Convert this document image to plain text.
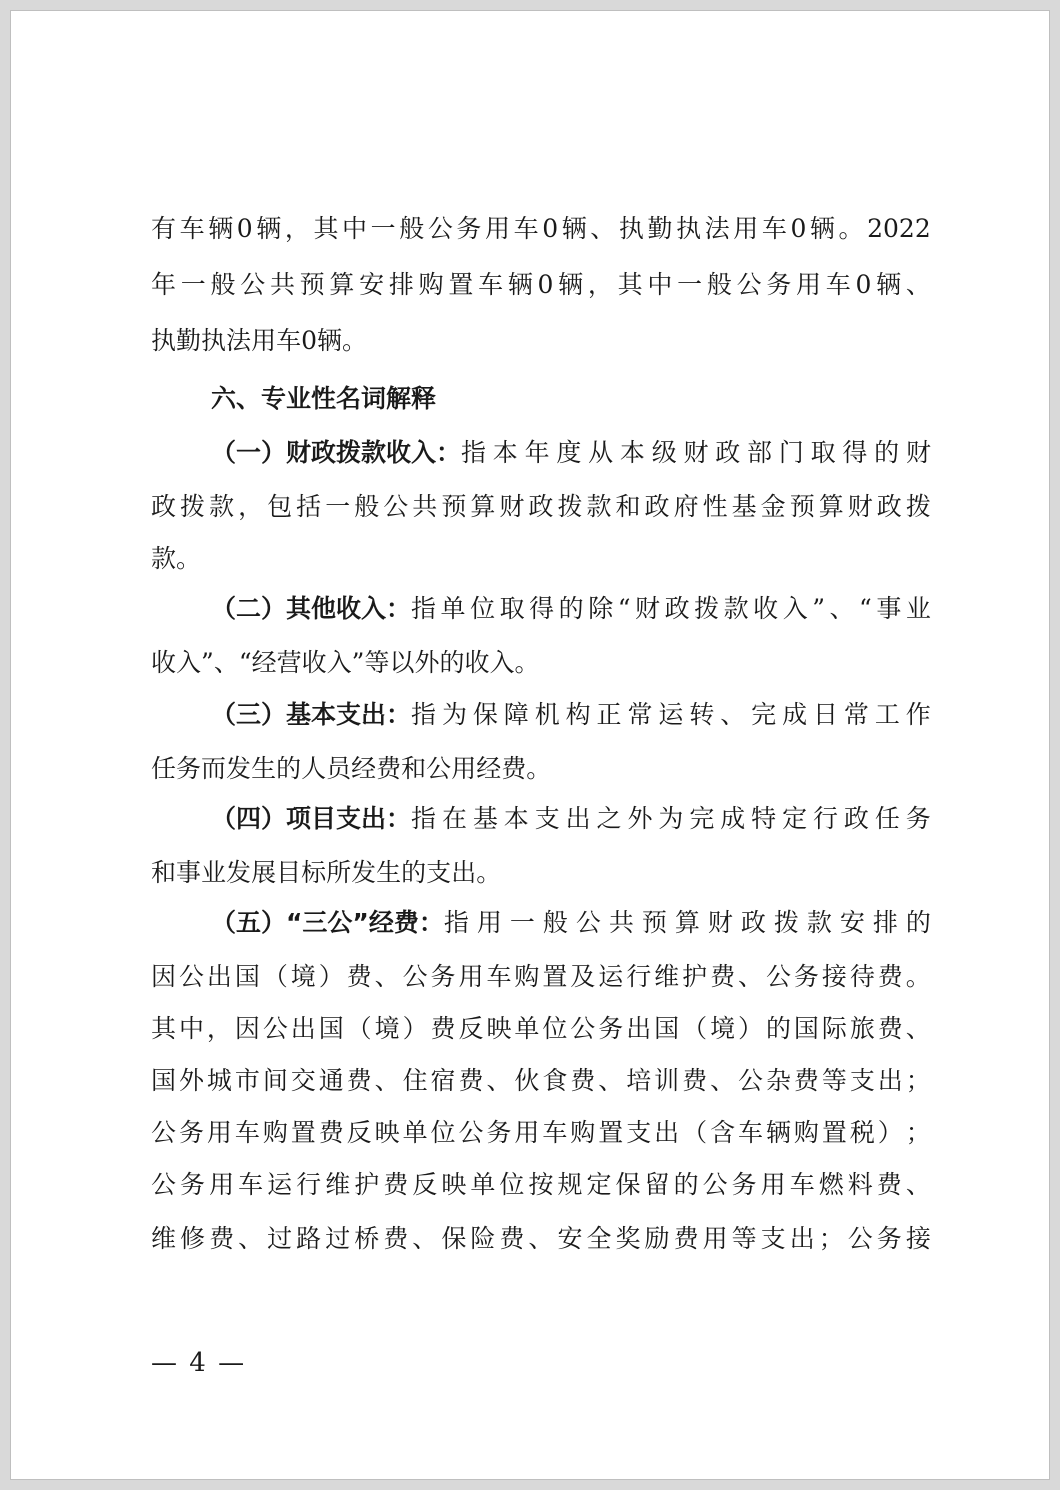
有 车 辆 0 辆 ， 其 中 一 般 公 务 用 车 0 辆 、 执 勤 执 法 用 车 0 辆 。 2022
年 一 般 公 共 预 算 安 排 购 置 车 辆 0 辆 ， 其 中 一 般 公 务 用 车 0 辆 、
执 勤 执 法 用 车 0 辆 。
六、专业性名词解释
（一）财政拨款收入： 指 本 年 度 从 本 级 财 政 部 门 取 得 的 财
政 拨 款 ， 包 括 一 般 公 共 预 算 财 政 拨 款 和 政 府 性 基 金 预 算 财 政 拨
款 。
（二）其他收入： 指 单 位 取 得 的 除 “ 财 政 拨 款 收 入 ” 、 “ 事 业
收 入 ” 、 “ 经 营 收 入 ” 等 以 外 的 收 入 。
（三）基本支出： 指 为 保 障 机 构 正 常 运 转 、 完 成 日 常 工 作
任 务 而 发 生 的 人 员 经 费 和 公 用 经 费 。
（四）项目支出： 指 在 基 本 支 出 之 外 为 完 成 特 定 行 政 任 务
和 事 业 发 展 目 标 所 发 生 的 支 出 。
（五）“三公”经费： 指 用 一 般 公 共 预 算 财 政 拨 款 安 排 的
因 公 出 国 （ 境 ） 费 、 公 务 用 车 购 置 及 运 行 维 护 费 、 公 务 接 待 费 。
其 中 ， 因 公 出 国 （ 境 ） 费 反 映 单 位 公 务 出 国 （ 境 ） 的 国 际 旅 费 、
国 外 城 市 间 交 通 费 、 住 宿 费 、 伙 食 费 、 培 训 费 、 公 杂 费 等 支 出 ；
公 务 用 车 购 置 费 反 映 单 位 公 务 用 车 购 置 支 出 （ 含 车 辆 购 置 税 ） ；
公 务 用 车 运 行 维 护 费 反 映 单 位 按 规 定 保 留 的 公 务 用 车 燃 料 费 、
维 修 费 、 过 路 过 桥 费 、 保 险 费 、 安 全 奖 励 费 用 等 支 出 ； 公 务 接
— 4 —
